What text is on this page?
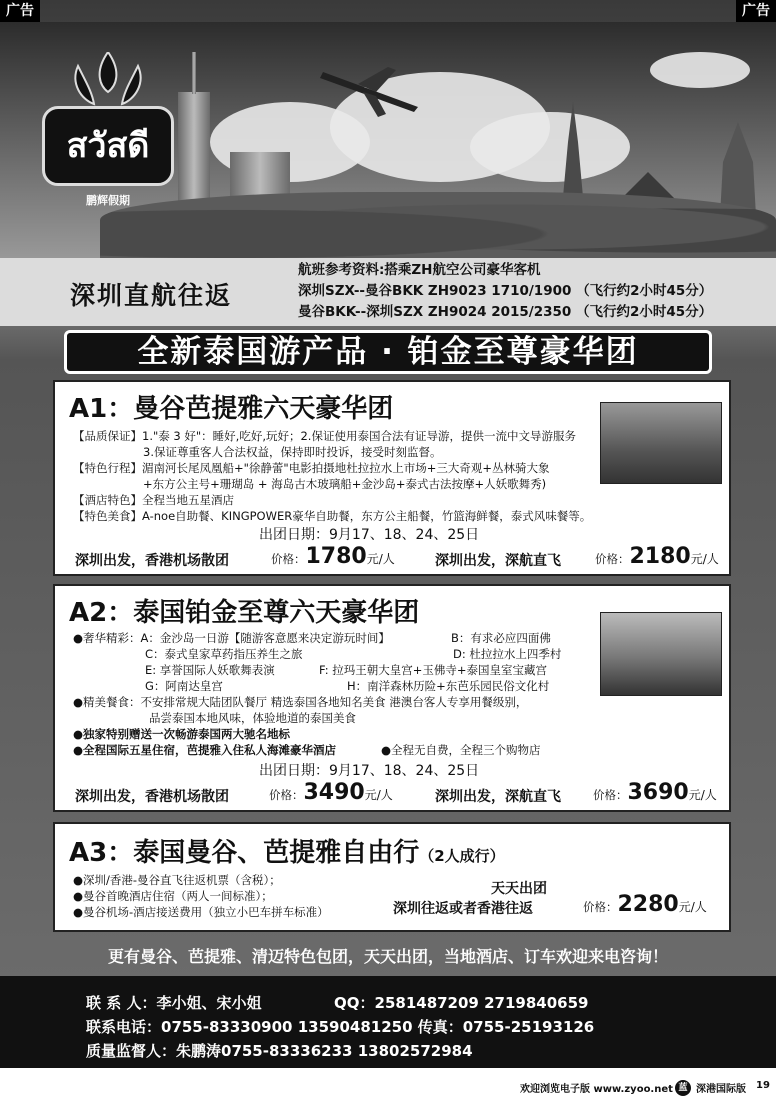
广告	广告
สวัสดี
鹏辉假期
深圳直航往返
航班参考资料:搭乘ZH航空公司豪华客机
深圳SZX--曼谷BKK ZH9023 1710/1900 （飞行约2小时45分）
曼谷BKK--深圳SZX ZH9024 2015/2350 （飞行约2小时45分）
全新泰国游产品 · 铂金至尊豪华团
A1：曼谷芭提雅六天豪华团
【品质保证】1."泰 3 好"：睡好,吃好,玩好；2.保证使用泰国合法有证导游，提供一流中文导游服务
3.保证尊重客人合法权益，保持即时投诉，接受时刻监督。
【特色行程】湄南河长尾凤凰船+"徐静蕾"电影拍摄地杜拉拉水上市场+三大奇观+丛林骑大象
+东方公主号+珊瑚岛 + 海岛古木玻璃船+金沙岛+泰式古法按摩+人妖歌舞秀)
【酒店特色】全程当地五星酒店
【特色美食】A-noe自助餐、KINGPOWER豪华自助餐，东方公主船餐，竹篮海鲜餐，泰式风味餐等。
出团日期：9月17、18、24、25日
深圳出发，香港机场散团	价格：1780元/人	深圳出发，深航直飞	价格：2180元/人
A2：泰国铂金至尊六天豪华团
●奢华精彩：A：金沙岛一日游【随游客意愿来决定游玩时间】	B：有求必应四面佛
C：泰式皇家草药指压养生之旅	D: 杜拉拉水上四季村
E: 享誉国际人妖歌舞表演	F: 拉玛王朝大皇宫+玉佛寺+泰国皇室宝藏宫
G：阿南达皇宫	H：南洋森林历险+东芭乐园民俗文化村
●精美餐食：不安排常规大陆团队餐厅 精选泰国各地知名美食 港澳台客人专享用餐级别，
品尝泰国本地风味，体验地道的泰国美食
●独家特别赠送一次畅游泰国两大驰名地标
●全程国际五星住宿，芭提雅入住私人海滩豪华酒店	●全程无自费，全程三个购物店
出团日期：9月17、18、24、25日
深圳出发，香港机场散团	价格：3490元/人	深圳出发，深航直飞	价格：3690元/人
A3：泰国曼谷、芭提雅自由行（2人成行）
●深圳/香港-曼谷直飞往返机票（含税）；
●曼谷首晚酒店住宿（两人一间标准）；
●曼谷机场-酒店接送费用（独立小巴车拼车标准）
天天出团
深圳往返或者香港往返	价格：2280元/人
更有曼谷、芭提雅、清迈特色包团，天天出团，当地酒店、订车欢迎来电咨询！
联 系 人：李小姐、宋小姐	QQ：2581487209 2719840659
联系电话：0755-83330900 13590481250 传真：0755-25193126
质量监督人：朱鹏涛0755-83336233 13802572984
欢迎浏览电子版 www.zyoo.net 蓝 深港国际版 19
